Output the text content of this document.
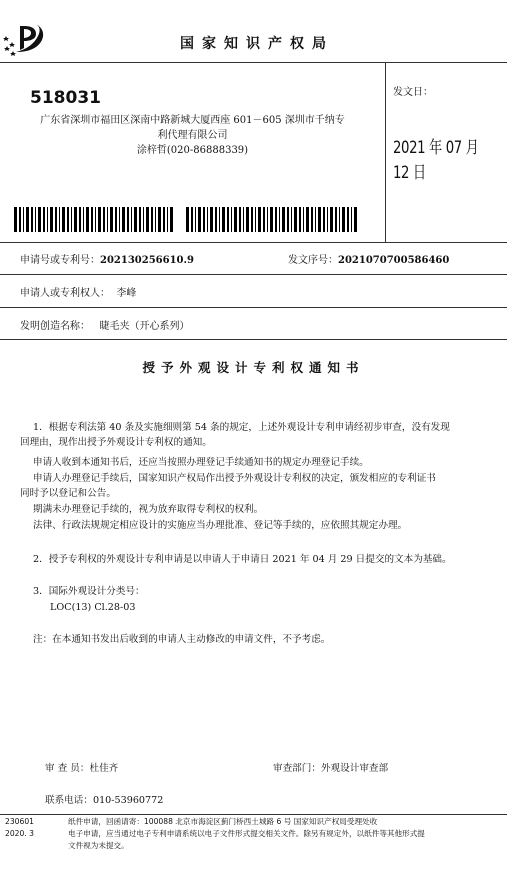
国家知识产权局
518031
广东省深圳市福田区深南中路新城大厦西座 601－605 深圳市千纳专
利代理有限公司
涂梓哲(020-86888339)
发文日：
2021 年 07 月 12 日
申请号或专利号：202130256610.9	发文序号：2021070700586460
申请人或专利权人： 李峰
发明创造名称： 睫毛夹（开心系列）
授予外观设计专利权通知书
1．根据专利法第 40 条及实施细则第 54 条的规定，上述外观设计专利申请经初步审查，没有发现
回理由，现作出授予外观设计专利权的通知。
申请人收到本通知书后，还应当按照办理登记手续通知书的规定办理登记手续。
申请人办理登记手续后，国家知识产权局作出授予外观设计专利权的决定，颁发相应的专利证书
同时予以登记和公告。
期满未办理登记手续的，视为放弃取得专利权的权利。
法律、行政法规规定相应设计的实施应当办理批准、登记等手续的，应依照其规定办理。
2．授予专利权的外观设计专利申请是以申请人于申请日 2021 年 04 月 29 日提交的文本为基础。
3．国际外观设计分类号：
LOC(13) Cl.28-03
注：在本通知书发出后收到的申请人主动修改的申请文件，不予考虑。
审 查 员：杜佳齐	审查部门：外观设计审查部
联系电话：010-53960772
230601	纸件申请，回函请寄：100088 北京市海淀区蓟门桥西土城路 6 号 国家知识产权局受理处收
2020. 3	电子申请，应当通过电子专利申请系统以电子文件形式提交相关文件。除另有规定外，以纸件等其他形式提
文件视为未提交。
